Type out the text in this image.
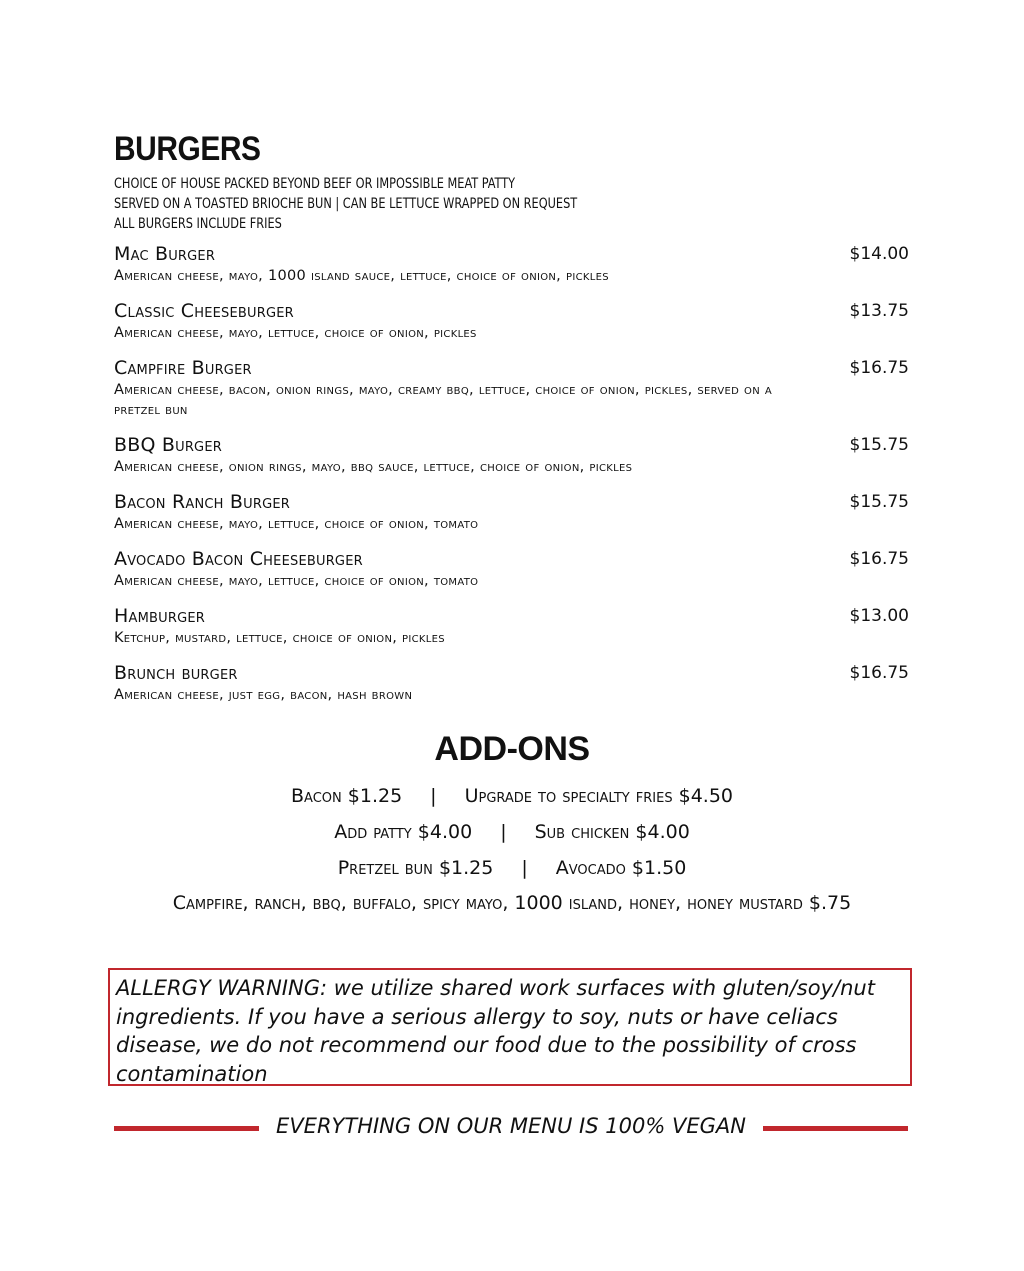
BURGERS
CHOICE OF HOUSE PACKED BEYOND BEEF OR IMPOSSIBLE MEAT PATTY
SERVED ON A TOASTED BRIOCHE BUN | CAN BE LETTUCE WRAPPED ON REQUEST
ALL BURGERS INCLUDE FRIES
Mac Burger	$14.00
American cheese, mayo, 1000 island sauce, lettuce, choice of onion, pickles
Classic Cheeseburger	$13.75
American cheese, mayo, lettuce, choice of onion, pickles
Campfire Burger	$16.75
American cheese, bacon, onion rings, mayo, creamy bbq, lettuce, choice of onion, pickles, served on a pretzel bun
BBQ Burger	$15.75
American cheese, onion rings, mayo, bbq sauce, lettuce, choice of onion, pickles
Bacon Ranch Burger	$15.75
American cheese, mayo, lettuce, choice of onion, tomato
Avocado Bacon Cheeseburger	$16.75
American cheese, mayo, lettuce, choice of onion, tomato
Hamburger	$13.00
Ketchup, mustard, lettuce, choice of onion, pickles
Brunch burger	$16.75
American cheese, just egg, bacon, hash brown
ADD-ONS
Bacon $1.25 | Upgrade to specialty fries $4.50
Add patty $4.00 | Sub chicken $4.00
Pretzel bun $1.25 | Avocado $1.50
Campfire, ranch, bbq, buffalo, spicy mayo, 1000 island, honey, honey mustard $.75
ALLERGY WARNING: we utilize shared work surfaces with gluten/soy/nut ingredients. If you have a serious allergy to soy, nuts or have celiacs disease, we do not recommend our food due to the possibility of cross contamination
EVERYTHING ON OUR MENU IS 100% VEGAN
